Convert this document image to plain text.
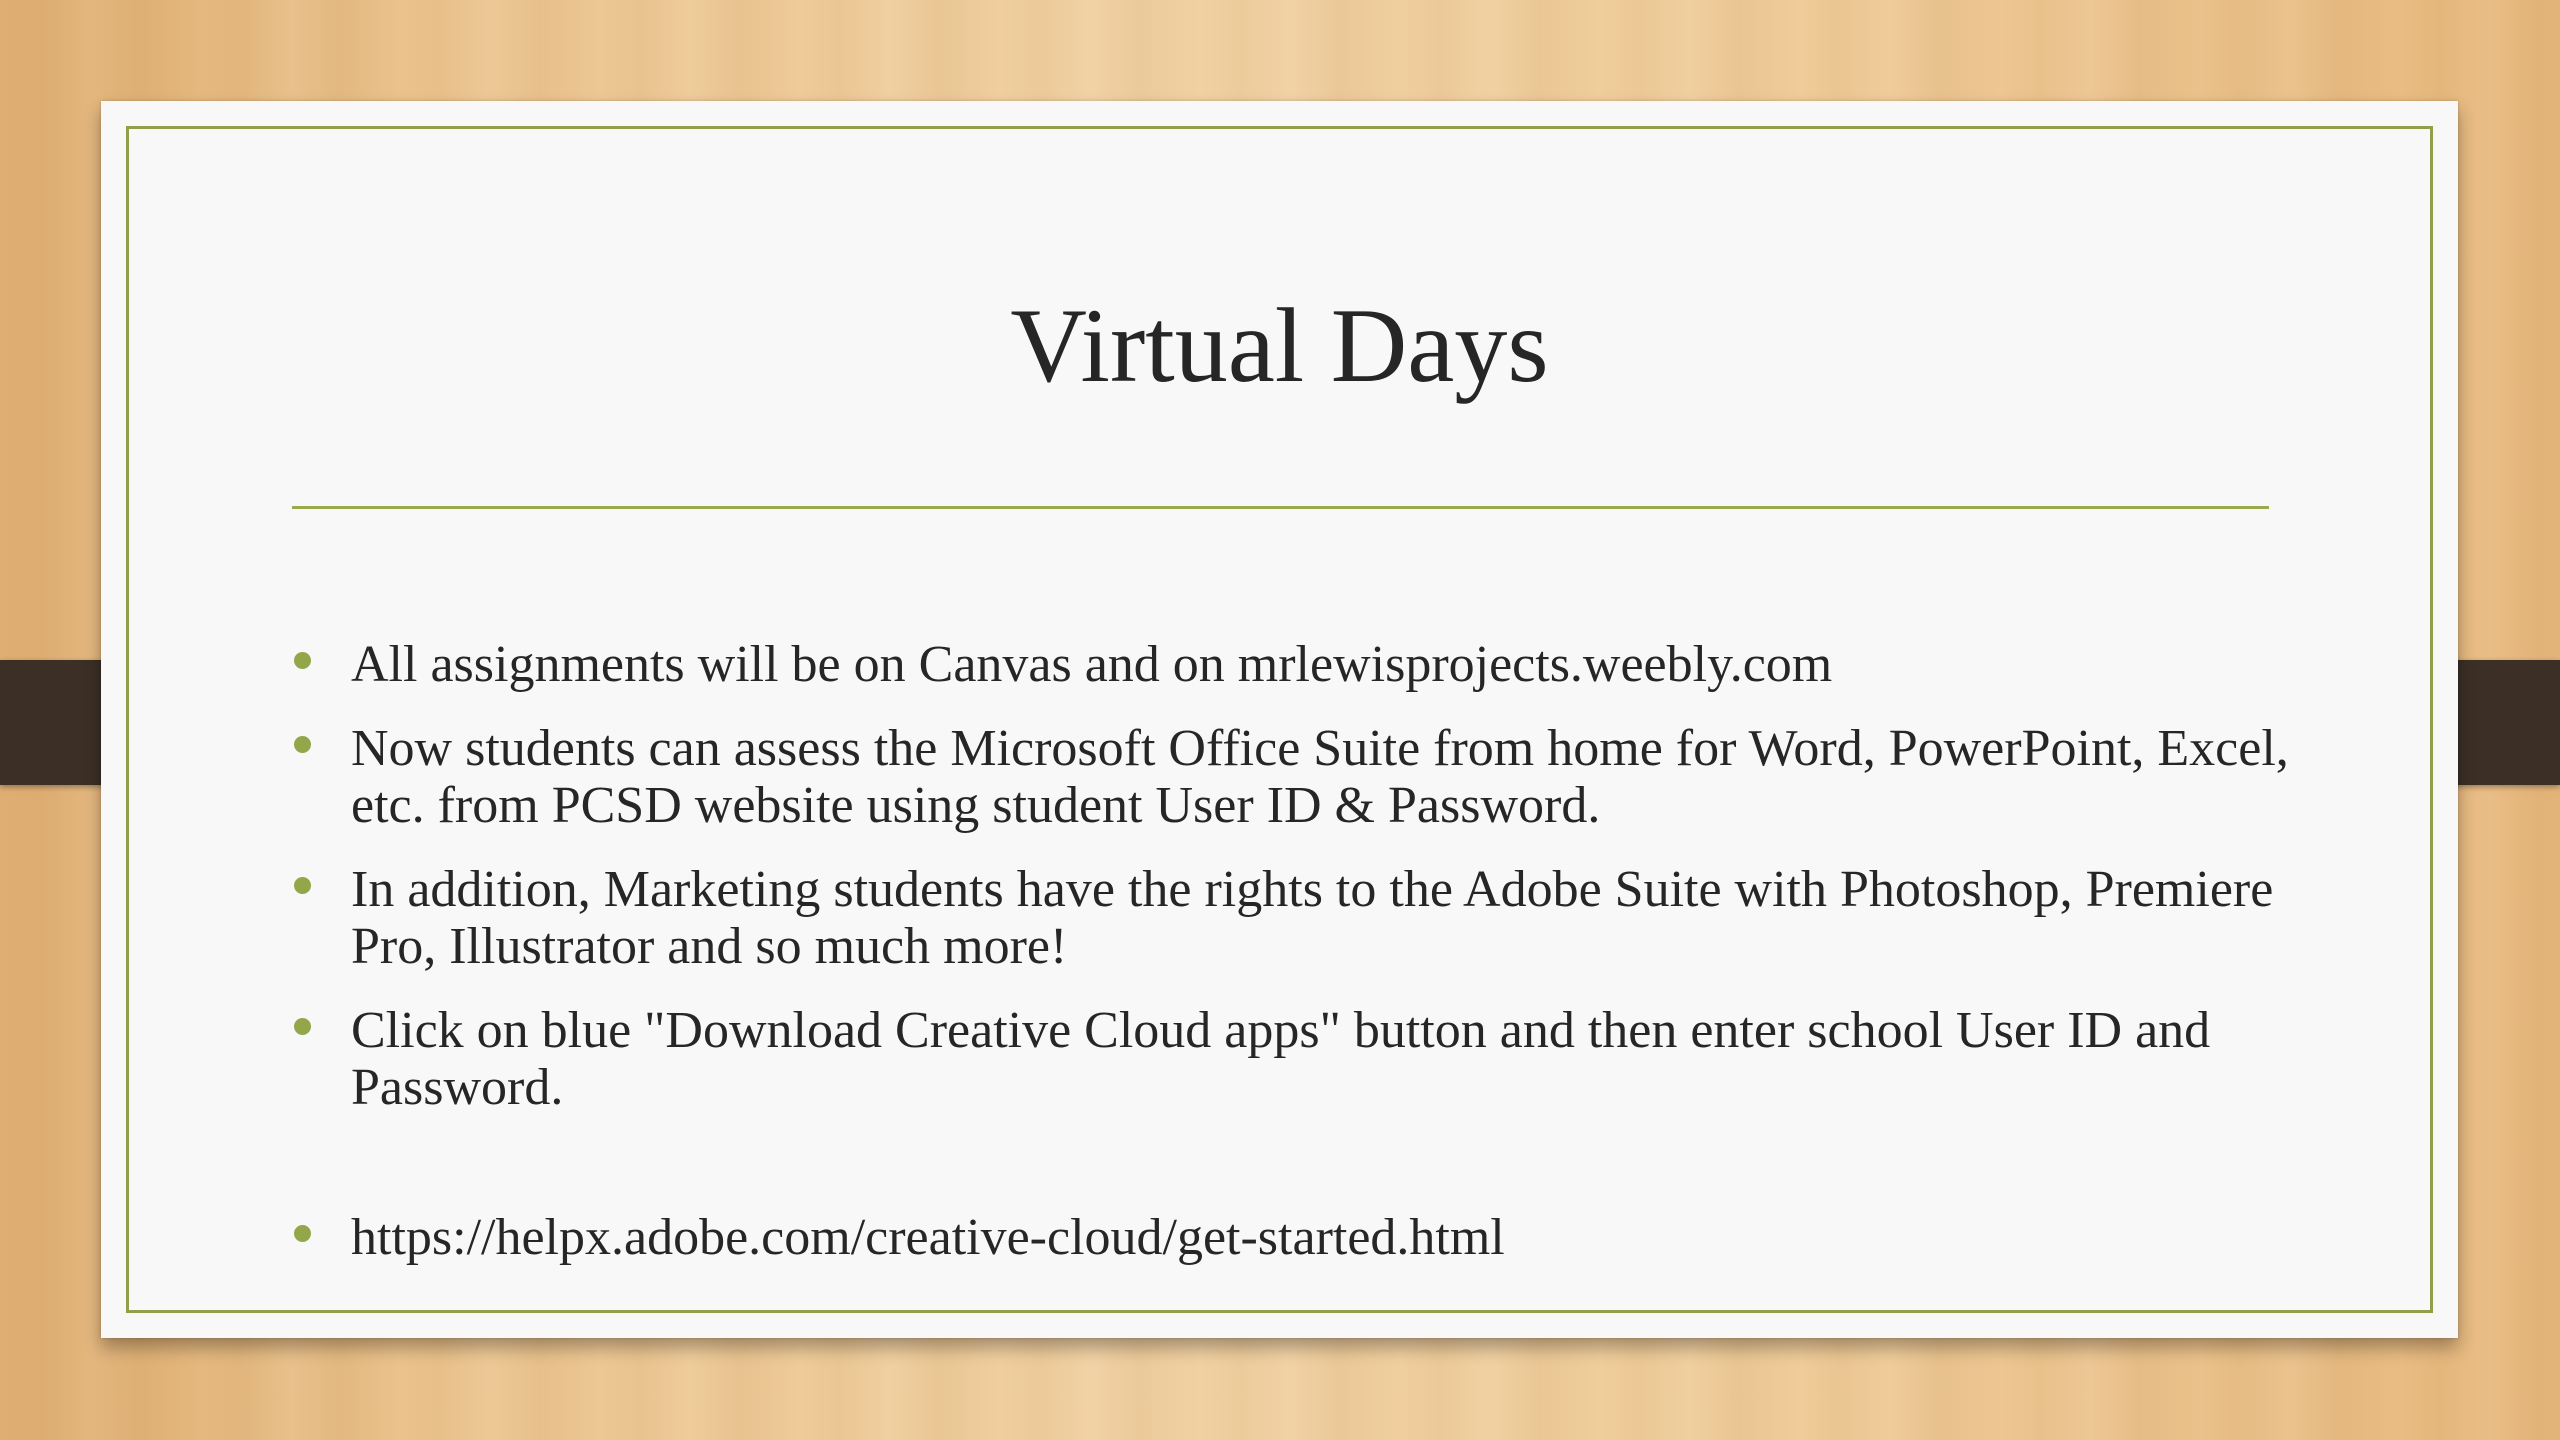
Virtual Days
All assignments will be on Canvas and on mrlewisprojects.weebly.com
Now students can assess the Microsoft Office Suite from home for Word, PowerPoint, Excel, etc. from PCSD website using student User ID & Password.
In addition, Marketing students have the rights to the Adobe Suite with Photoshop, Premiere Pro, Illustrator and so much more!
Click on blue "Download Creative Cloud apps" button and then enter school User ID and Password.
https://helpx.adobe.com/creative-cloud/get-started.html
